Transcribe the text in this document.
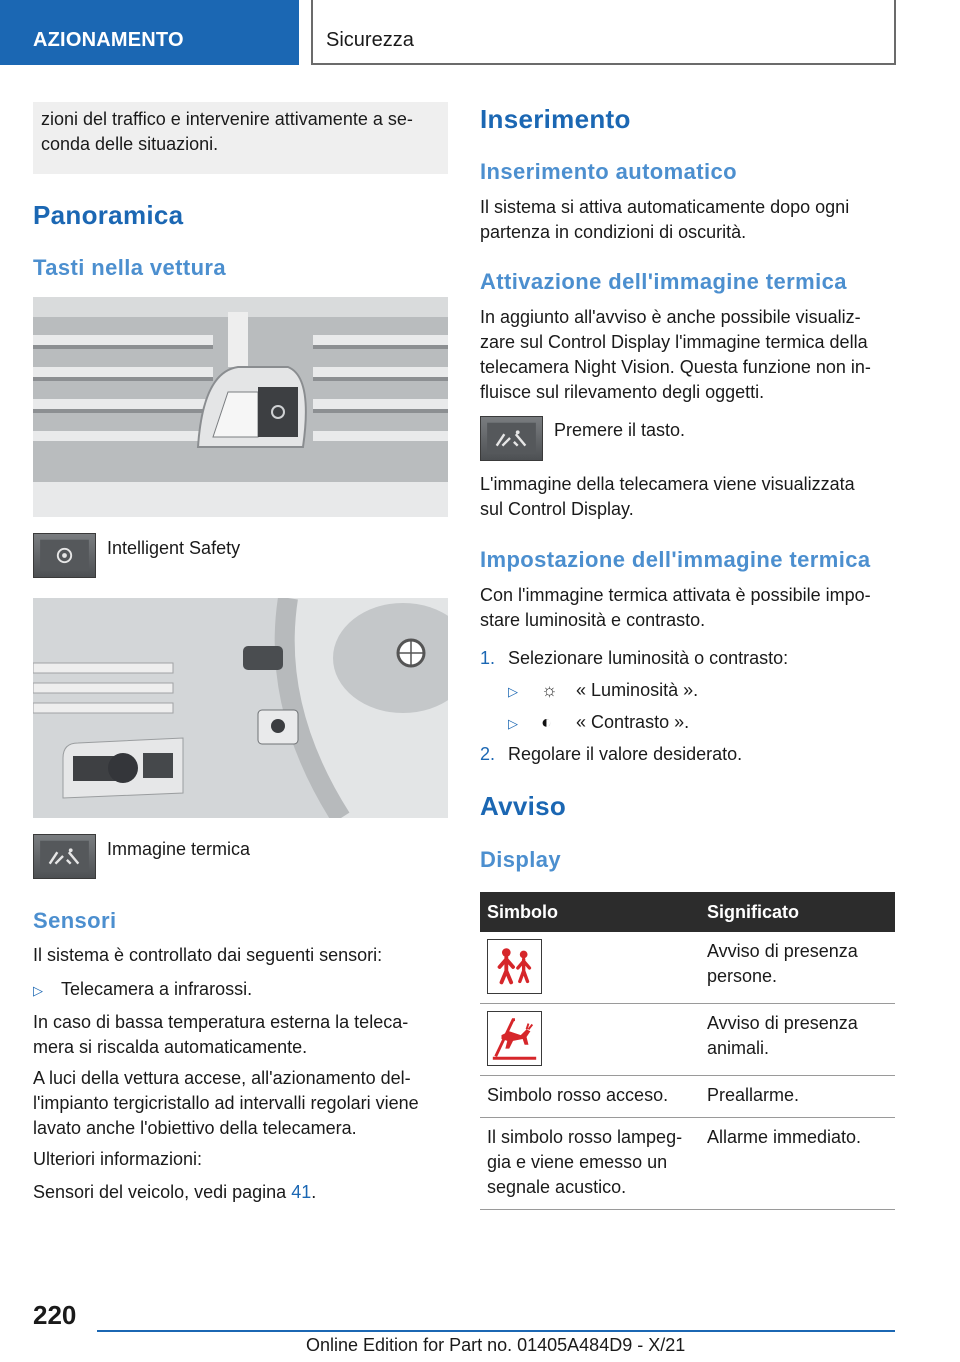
AZIONAMENTO	Sicurezza
zioni del traffico e intervenire attivamente a se-
conda delle situazioni.
Panoramica
Tasti nella vettura
Intelligent Safety
Immagine termica
Sensori
Il sistema è controllato dai seguenti sensori:
▷ Telecamera a infrarossi.
In caso di bassa temperatura esterna la teleca-
mera si riscalda automaticamente.
A luci della vettura accese, all'azionamento del-
l'impianto tergicristallo ad intervalli regolari viene
lavato anche l'obiettivo della telecamera.
Ulteriori informazioni:
Sensori del veicolo, vedi pagina 41.
Inserimento
Inserimento automatico
Il sistema si attiva automaticamente dopo ogni
partenza in condizioni di oscurità.
Attivazione dell'immagine termica
In aggiunto all'avviso è anche possibile visualiz-
zare sul Control Display l'immagine termica della
telecamera Night Vision. Questa funzione non in-
fluisce sul rilevamento degli oggetti.
Premere il tasto.
L'immagine della telecamera viene visualizzata
sul Control Display.
Impostazione dell'immagine termica
Con l'immagine termica attivata è possibile impo-
stare luminosità e contrasto.
1. Selezionare luminosità o contrasto:
▷ ☼ « Luminosità ».
▷ ◐ « Contrasto ».
2. Regolare il valore desiderato.
Avviso
Display
Simbolo	Significato

Avviso di presenza
persone.

Avviso di presenza
animali.

Simbolo rosso acceso.	Preallarme.

Il simbolo rosso lampeg-
gia e viene emesso un
segnale acustico.	Allarme immediato.
220
Online Edition for Part no. 01405A484D9 - X/21
